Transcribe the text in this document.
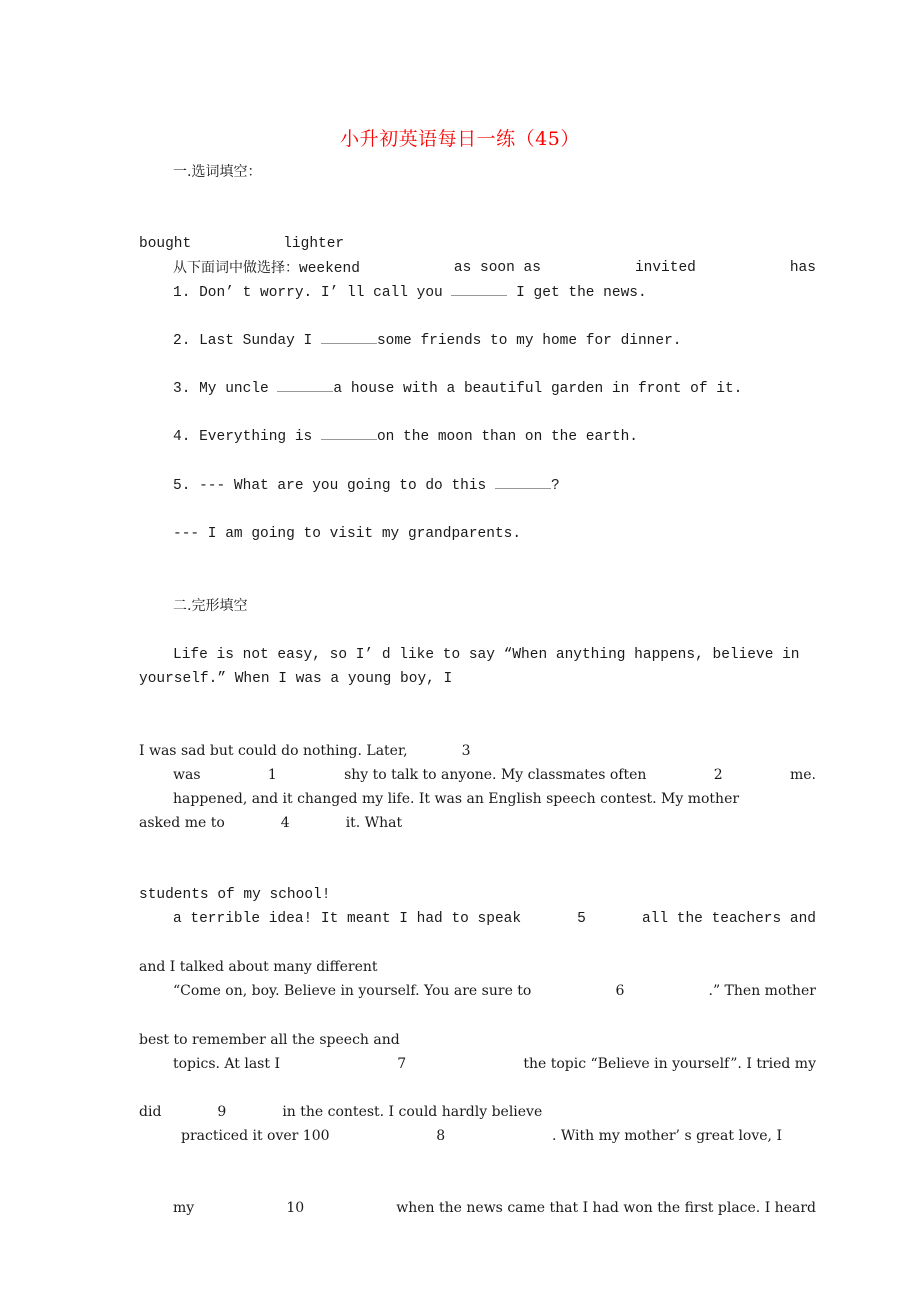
小升初英语每日一练（45）
一.选词填空：

从下面词中做选择：weekend	as soon as	invited	has

bought	lighter
1. Don’ t worry. I’ ll call you	I get the news.
2. Last Sunday I	some friends to my home for dinner.
3. My uncle	a house with a beautiful garden in front of it.
4. Everything is	on the moon than on the earth.
5. --- What are you going to do this	?
--- I am going to visit my grandparents.
二.完形填空
Life is not easy, so I’ d like to say “When anything happens, believe in
yourself.” When I was a young boy, I

was	1	shy to talk to anyone. My classmates often	2	me.

I was sad but could do nothing. Later,	3
happened, and it changed my life. It was an English speech contest. My mother
asked me to	4	it. What

a terrible idea! It meant I had to speak	5	all the teachers and

students of my school!

“Come on, boy. Believe in yourself. You are sure to	6	.” Then mother

and I talked about many different

topics. At last I	7	the topic “Believe in yourself”. I tried my

best to remember all the speech and

practiced it over 100	8	. With my mother’ s great love, I

did	9	in the contest. I could hardly believe

my	10	when the news came that I had won the first place. I heard
